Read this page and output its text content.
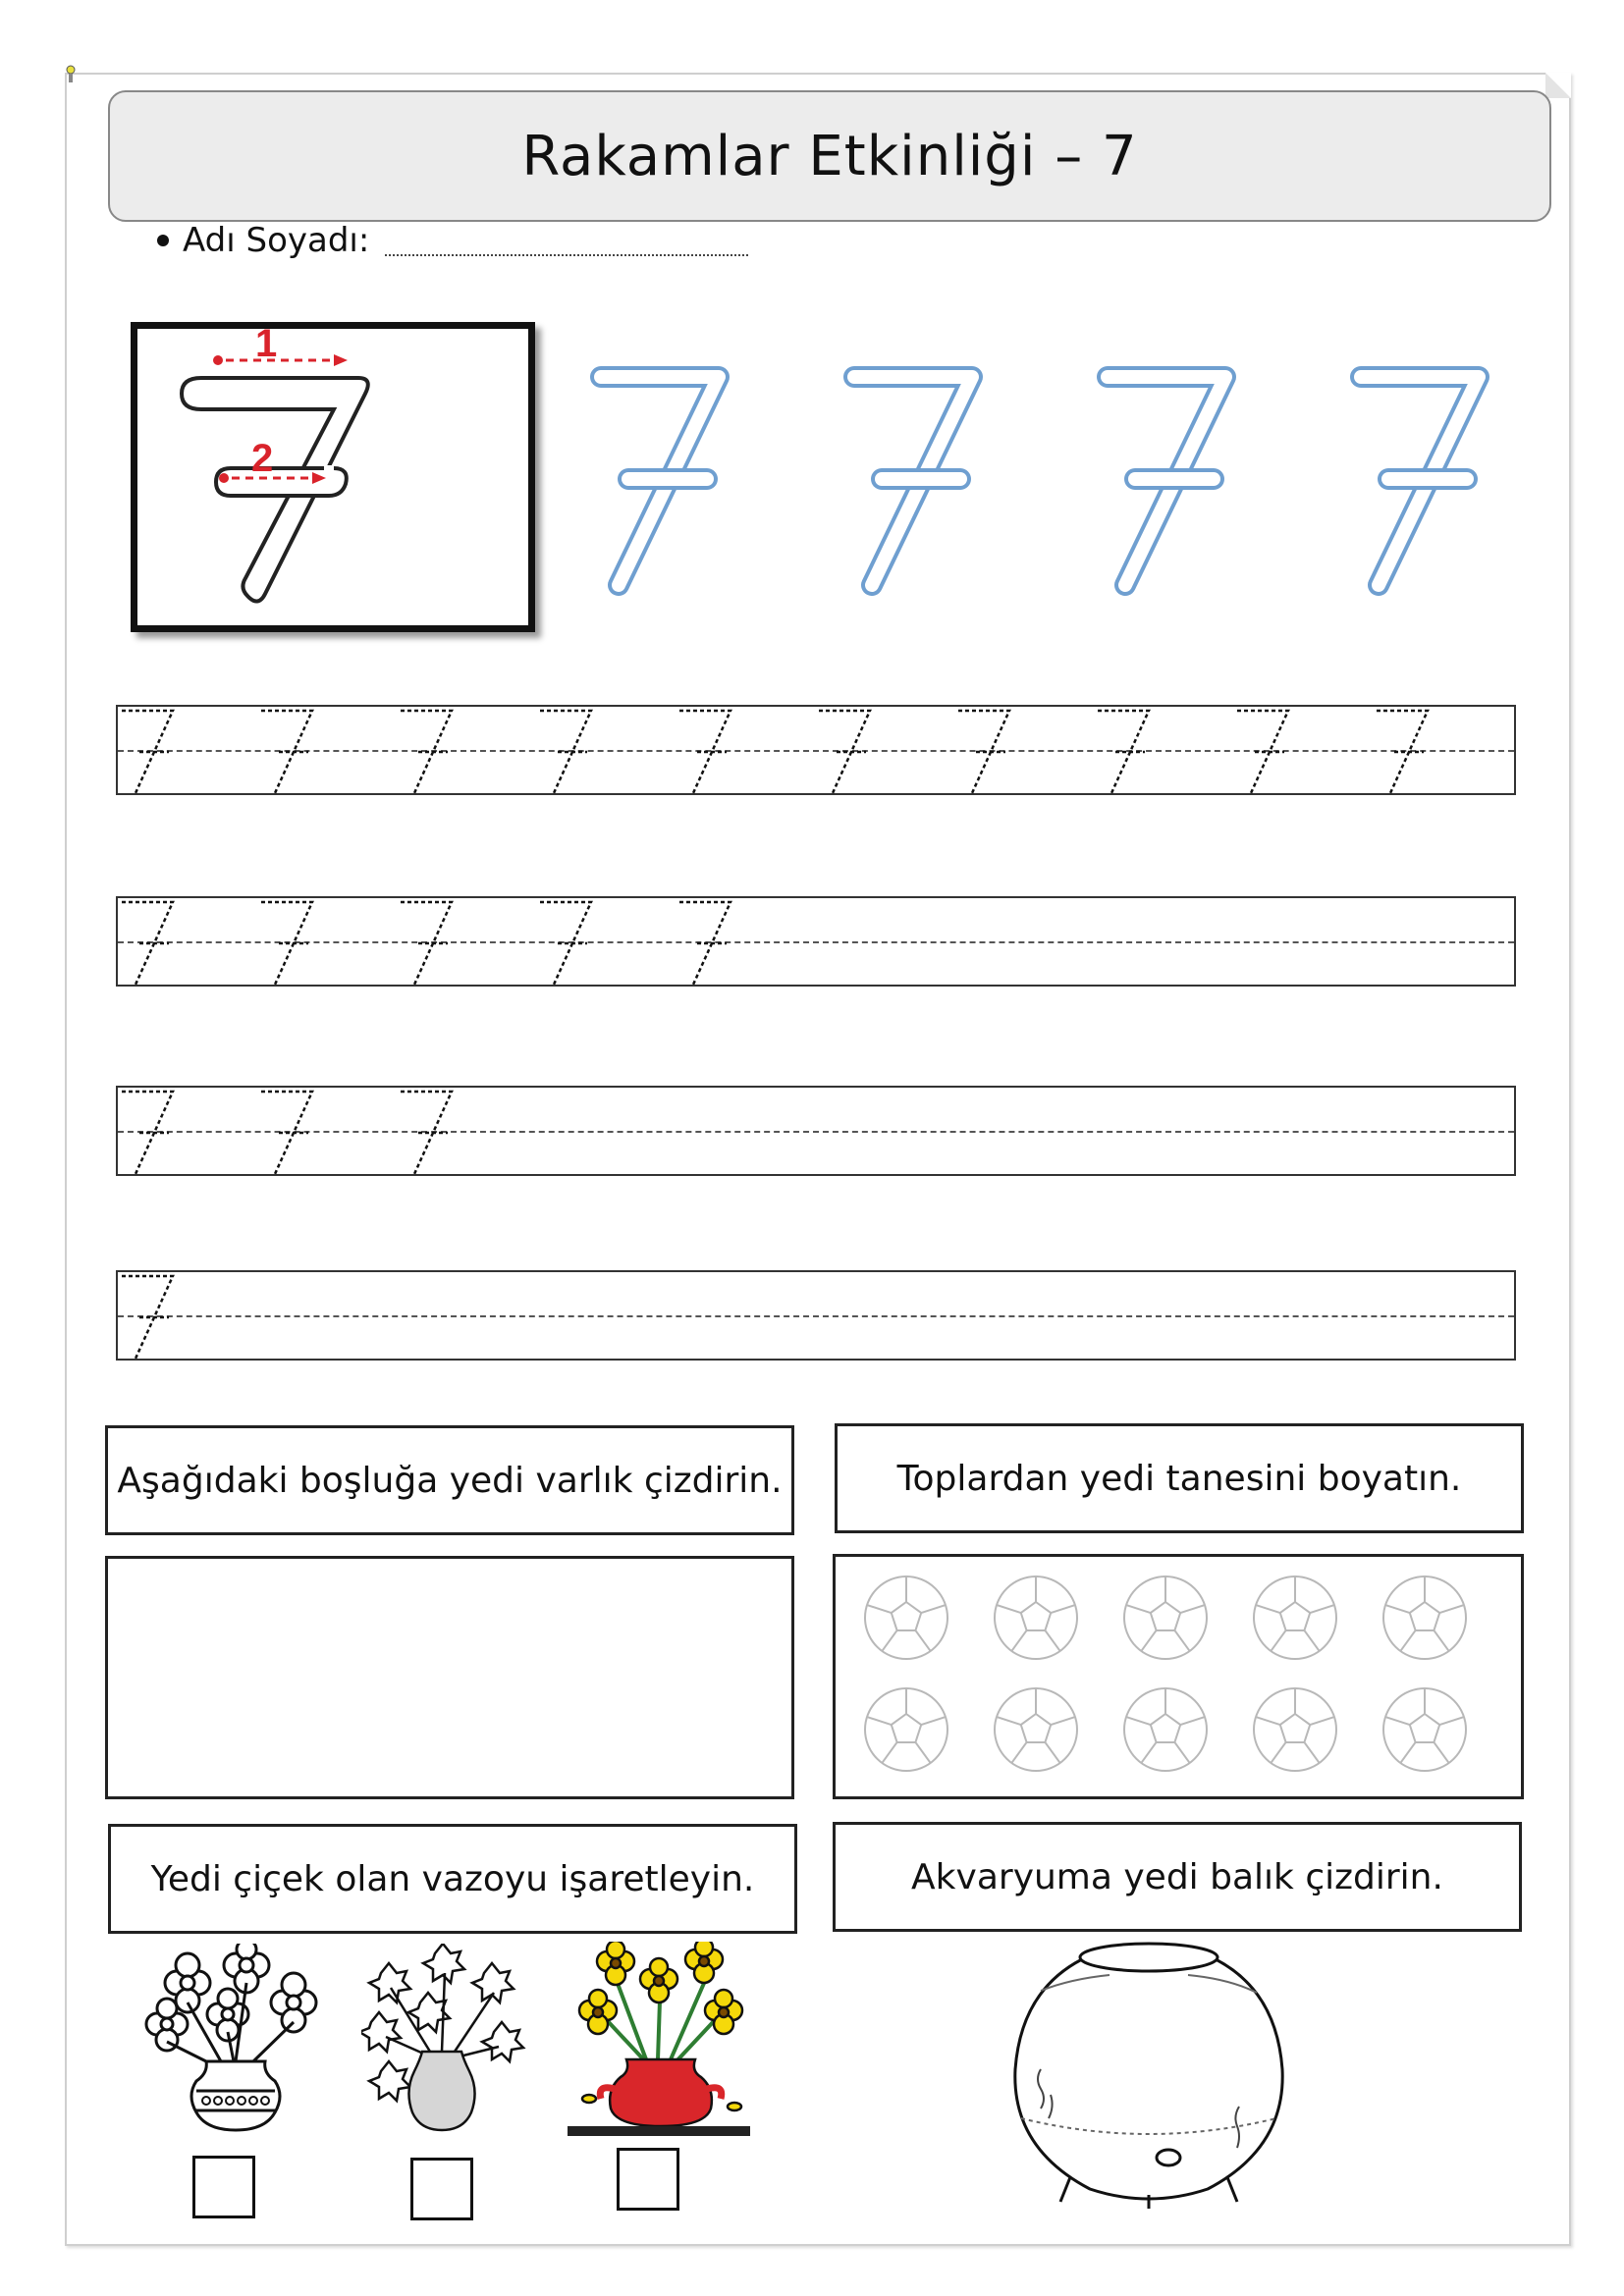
Rakamlar Etkinliği – 7
Adı Soyadı:
1
2
Aşağıdaki boşluğa yedi varlık çizdirin.	Toplardan yedi tanesini boyatın.
Yedi çiçek olan vazoyu işaretleyin.	Akvaryuma yedi balık çizdirin.
